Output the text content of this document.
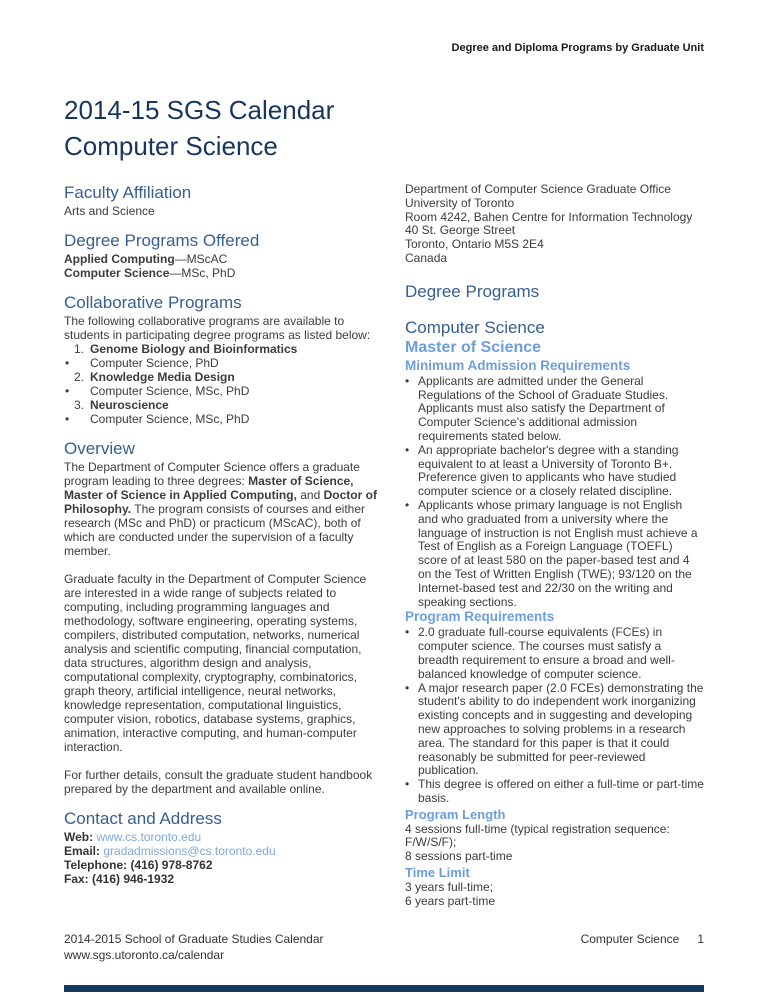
Degree and Diploma Programs by Graduate Unit
2014-15 SGS Calendar
Computer Science
Faculty Affiliation
Arts and Science
Degree Programs Offered
Applied Computing—MScAC
Computer Science—MSc, PhD
Collaborative Programs
The following collaborative programs are available to students in participating degree programs as listed below:
1. Genome Biology and Bioinformatics
• Computer Science, PhD
2. Knowledge Media Design
• Computer Science, MSc, PhD
3. Neuroscience
• Computer Science, MSc, PhD
Overview
The Department of Computer Science offers a graduate program leading to three degrees: Master of Science, Master of Science in Applied Computing, and Doctor of Philosophy. The program consists of courses and either research (MSc and PhD) or practicum (MScAC), both of which are conducted under the supervision of a faculty member.
Graduate faculty in the Department of Computer Science are interested in a wide range of subjects related to computing, including programming languages and methodology, software engineering, operating systems, compilers, distributed computation, networks, numerical analysis and scientific computing, financial computation, data structures, algorithm design and analysis, computational complexity, cryptography, combinatorics, graph theory, artificial intelligence, neural networks, knowledge representation, computational linguistics, computer vision, robotics, database systems, graphics, animation, interactive computing, and human-computer interaction.
For further details, consult the graduate student handbook prepared by the department and available online.
Contact and Address
Web: www.cs.toronto.edu
Email: gradadmissions@cs.toronto.edu
Telephone: (416) 978-8762
Fax: (416) 946-1932
Department of Computer Science Graduate Office
University of Toronto
Room 4242, Bahen Centre for Information Technology
40 St. George Street
Toronto, Ontario M5S 2E4
Canada
Degree Programs
Computer Science
Master of Science
Minimum Admission Requirements
• Applicants are admitted under the General Regulations of the School of Graduate Studies. Applicants must also satisfy the Department of Computer Science's additional admission requirements stated below.
• An appropriate bachelor's degree with a standing equivalent to at least a University of Toronto B+. Preference given to applicants who have studied computer science or a closely related discipline.
• Applicants whose primary language is not English and who graduated from a university where the language of instruction is not English must achieve a Test of English as a Foreign Language (TOEFL) score of at least 580 on the paper-based test and 4 on the Test of Written English (TWE); 93/120 on the Internet-based test and 22/30 on the writing and speaking sections.
Program Requirements
• 2.0 graduate full-course equivalents (FCEs) in computer science. The courses must satisfy a breadth requirement to ensure a broad and well-balanced knowledge of computer science.
• A major research paper (2.0 FCEs) demonstrating the student's ability to do independent work inorganizing existing concepts and in suggesting and developing new approaches to solving problems in a research area. The standard for this paper is that it could reasonably be submitted for peer-reviewed publication.
• This degree is offered on either a full-time or part-time basis.
Program Length
4 sessions full-time (typical registration sequence:
F/W/S/F);
8 sessions part-time
Time Limit
3 years full-time;
6 years part-time
2014-2015 School of Graduate Studies Calendar
www.sgs.utoronto.ca/calendar
Computer Science 1
